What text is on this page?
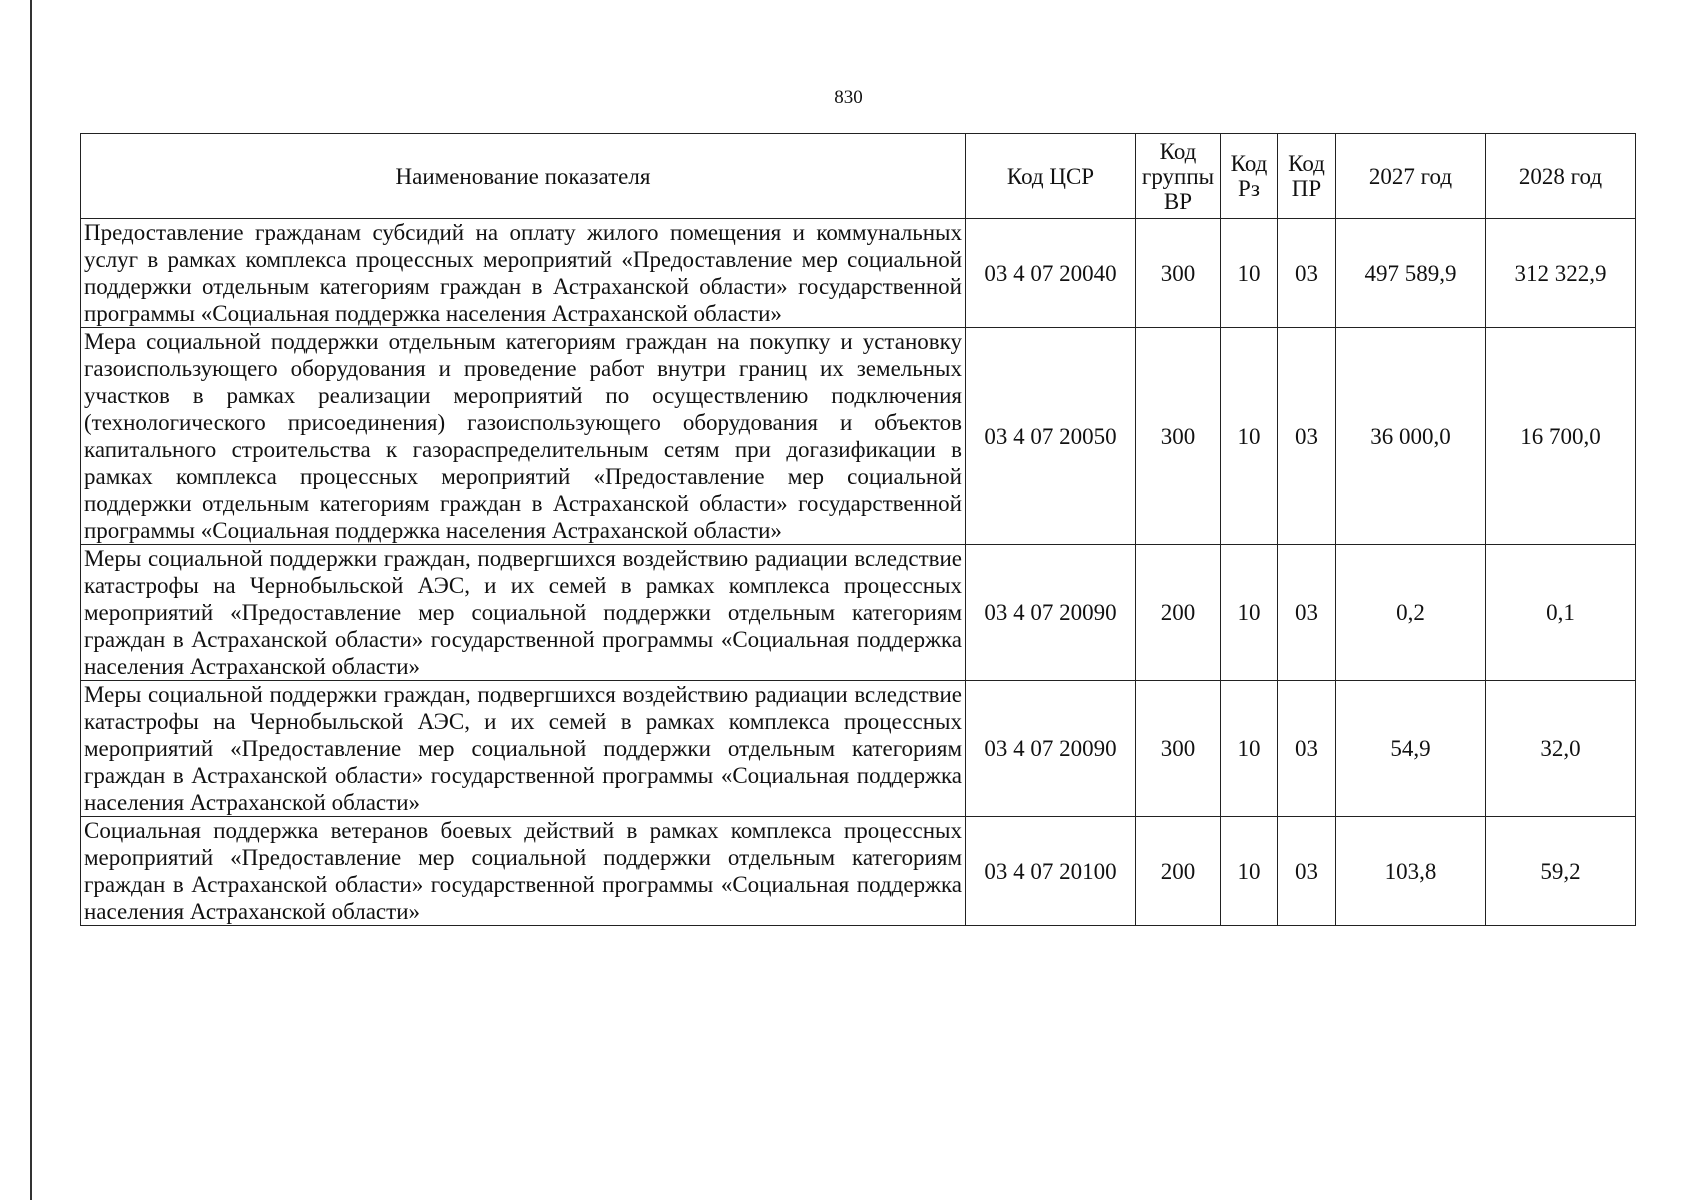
830
Наименование показателя	Код ЦСР	Код группы ВР	Код Рз	Код ПР	2027 год	2028 год
Предоставление гражданам субсидий на оплату жилого помещения и коммунальных услуг в рамках комплекса процессных мероприятий «Предоставление мер социальной поддержки отдельным категориям граждан в Астраханской области» государственной программы «Социальная поддержка населения Астраханской области»	03 4 07 20040	300	10	03	497 589,9	312 322,9
Мера социальной поддержки отдельным категориям граждан на покупку и установку газоиспользующего оборудования и проведение работ внутри границ их земельных участков в рамках реализации мероприятий по осуществлению подключения (технологического присоединения) газоиспользующего оборудования и объектов капитального строительства к газораспределительным сетям при догазификации в рамках комплекса процессных мероприятий «Предоставление мер социальной поддержки отдельным категориям граждан в Астраханской области» государственной программы «Социальная поддержка населения Астраханской области»	03 4 07 20050	300	10	03	36 000,0	16 700,0
Меры социальной поддержки граждан, подвергшихся воздействию радиации вследствие катастрофы на Чернобыльской АЭС, и их семей в рамках комплекса процессных мероприятий «Предоставление мер социальной поддержки отдельным категориям граждан в Астраханской области» государственной программы «Социальная поддержка населения Астраханской области»	03 4 07 20090	200	10	03	0,2	0,1
Меры социальной поддержки граждан, подвергшихся воздействию радиации вследствие катастрофы на Чернобыльской АЭС, и их семей в рамках комплекса процессных мероприятий «Предоставление мер социальной поддержки отдельным категориям граждан в Астраханской области» государственной программы «Социальная поддержка населения Астраханской области»	03 4 07 20090	300	10	03	54,9	32,0
Социальная поддержка ветеранов боевых действий в рамках комплекса процессных мероприятий «Предоставление мер социальной поддержки отдельным категориям граждан в Астраханской области» государственной программы «Социальная поддержка населения Астраханской области»	03 4 07 20100	200	10	03	103,8	59,2
